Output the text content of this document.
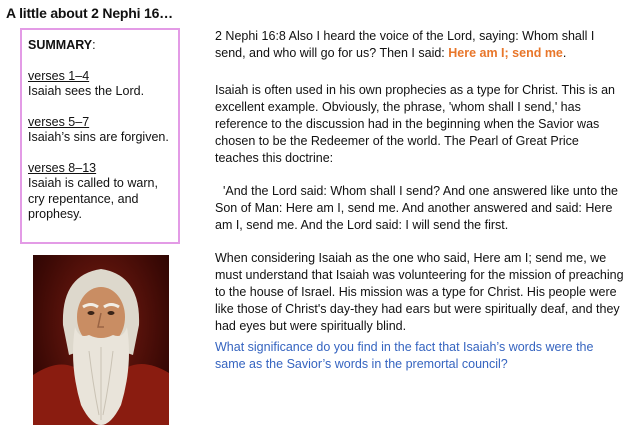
A little about 2 Nephi 16…
SUMMARY:
verses 1–4
Isaiah sees the Lord.
verses 5–7
Isaiah’s sins are forgiven.
verses 8–13
Isaiah is called to warn, cry repentance, and prophesy.

2 Nephi 16:8 Also I heard the voice of the Lord, saying: Whom shall I send, and who will go for us? Then I said: Here am I; send me.

Isaiah is often used in his own prophecies as a type for Christ. This is an excellent example. Obviously, the phrase, 'whom shall I send,' has reference to the discussion had in the beginning when the Savior was chosen to be the Redeemer of the world. The Pearl of Great Price teaches this doctrine:

'And the Lord said: Whom shall I send? And one answered like unto the Son of Man: Here am I, send me. And another answered and said: Here am I, send me. And the Lord said: I will send the first.

When considering Isaiah as the one who said, Here am I; send me, we must understand that Isaiah was volunteering for the mission of preaching to the house of Israel. His mission was a type for Christ. His people were like those of Christ's day-they had ears but were spiritually deaf, and they had eyes but were spiritually blind.

What significance do you find in the fact that Isaiah’s words were the same as the Savior’s words in the premortal council?
